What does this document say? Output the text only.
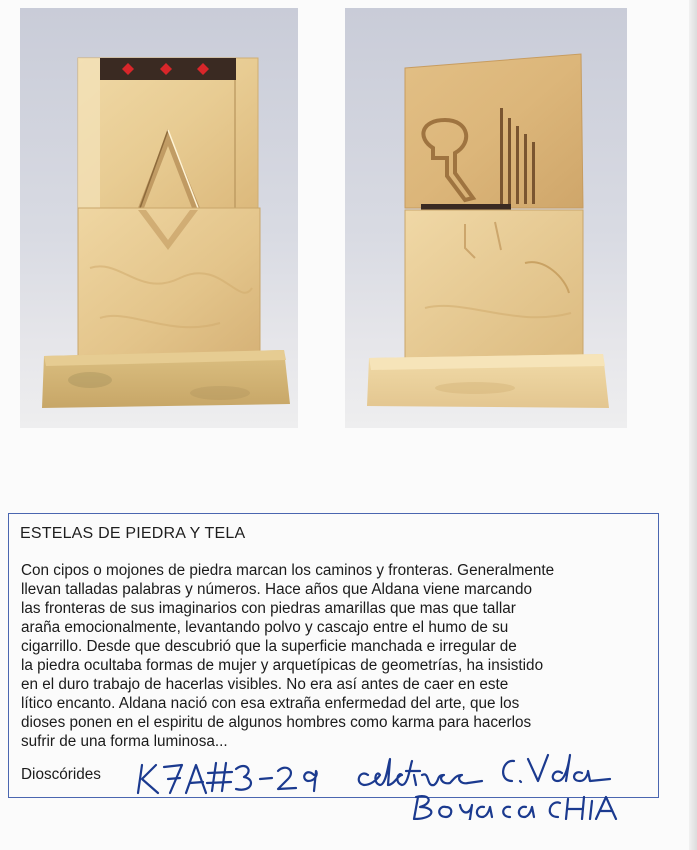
ESTELAS DE PIEDRA Y TELA
Con cipos o mojones de piedra marcan los caminos y fronteras. Generalmente
llevan talladas palabras y números. Hace años que Aldana viene marcando
las fronteras de sus imaginarios con piedras amarillas que mas que tallar
araña emocionalmente, levantando polvo y cascajo entre el humo de su
cigarrillo. Desde que descubrió que la superficie manchada e irregular de
la piedra ocultaba formas de mujer y arquetípicas de geometrías, ha insistido
en el duro trabajo de hacerlas visibles. No era así antes de caer en este
lítico encanto. Aldana nació con esa extraña enfermedad del arte, que los
dioses ponen en el espiritu de algunos hombres como karma para hacerlos
sufrir de una forma luminosa...
Dioscórides
